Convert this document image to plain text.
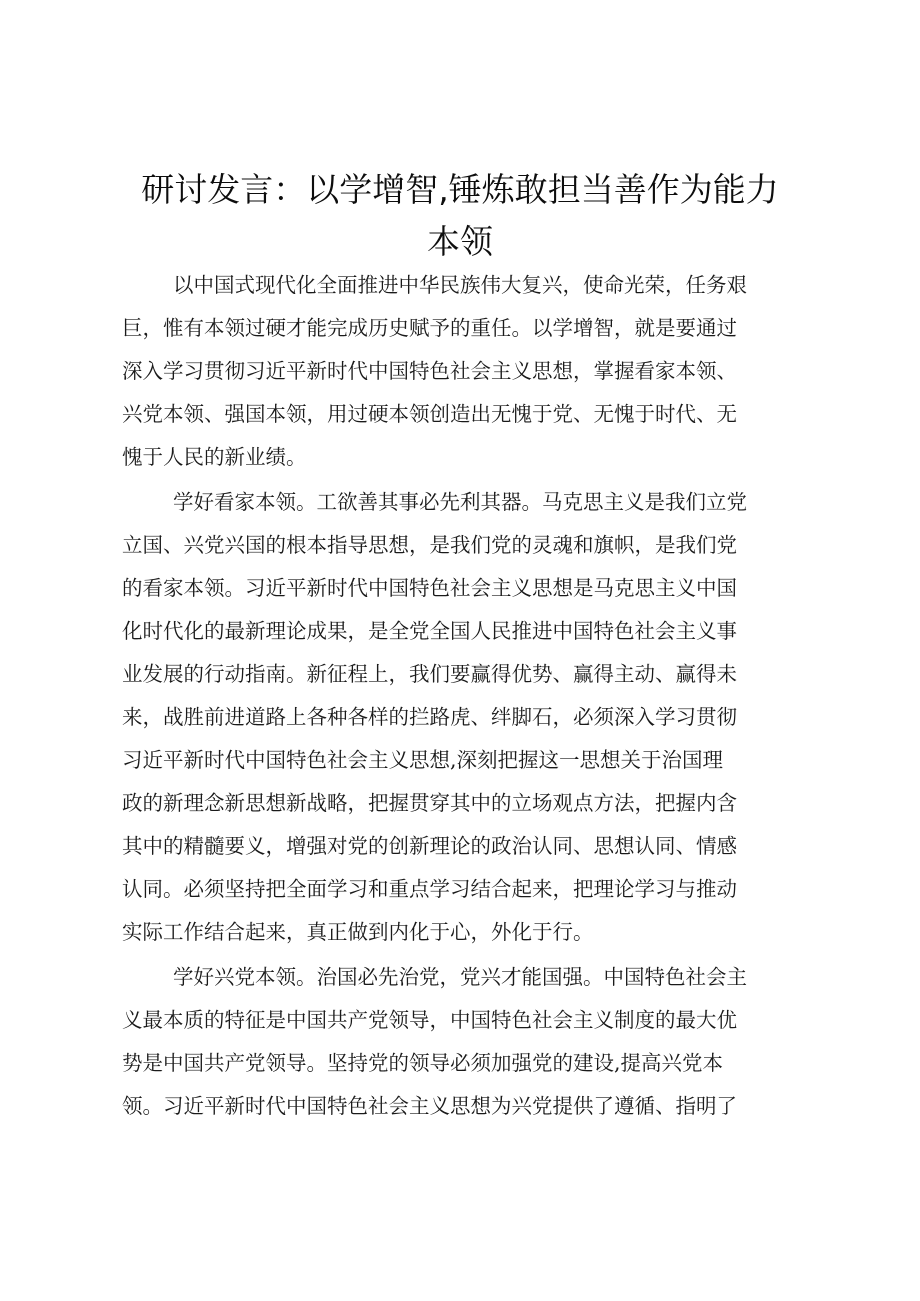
研讨发言：以学增智,锤炼敢担当善作为能力
本领
以中国式现代化全面推进中华民族伟大复兴，使命光荣，任务艰
巨，惟有本领过硬才能完成历史赋予的重任。以学增智，就是要通过
深入学习贯彻习近平新时代中国特色社会主义思想，掌握看家本领、
兴党本领、强国本领，用过硬本领创造出无愧于党、无愧于时代、无
愧于人民的新业绩。
学好看家本领。工欲善其事必先利其器。马克思主义是我们立党
立国、兴党兴国的根本指导思想，是我们党的灵魂和旗帜，是我们党
的看家本领。习近平新时代中国特色社会主义思想是马克思主义中国
化时代化的最新理论成果，是全党全国人民推进中国特色社会主义事
业发展的行动指南。新征程上，我们要赢得优势、赢得主动、赢得未
来，战胜前进道路上各种各样的拦路虎、绊脚石，必须深入学习贯彻
习近平新时代中国特色社会主义思想,深刻把握这一思想关于治国理
政的新理念新思想新战略，把握贯穿其中的立场观点方法，把握内含
其中的精髓要义，增强对党的创新理论的政治认同、思想认同、情感
认同。必须坚持把全面学习和重点学习结合起来，把理论学习与推动
实际工作结合起来，真正做到内化于心，外化于行。
学好兴党本领。治国必先治党，党兴才能国强。中国特色社会主
义最本质的特征是中国共产党领导，中国特色社会主义制度的最大优
势是中国共产党领导。坚持党的领导必须加强党的建设,提高兴党本
领。习近平新时代中国特色社会主义思想为兴党提供了遵循、指明了
